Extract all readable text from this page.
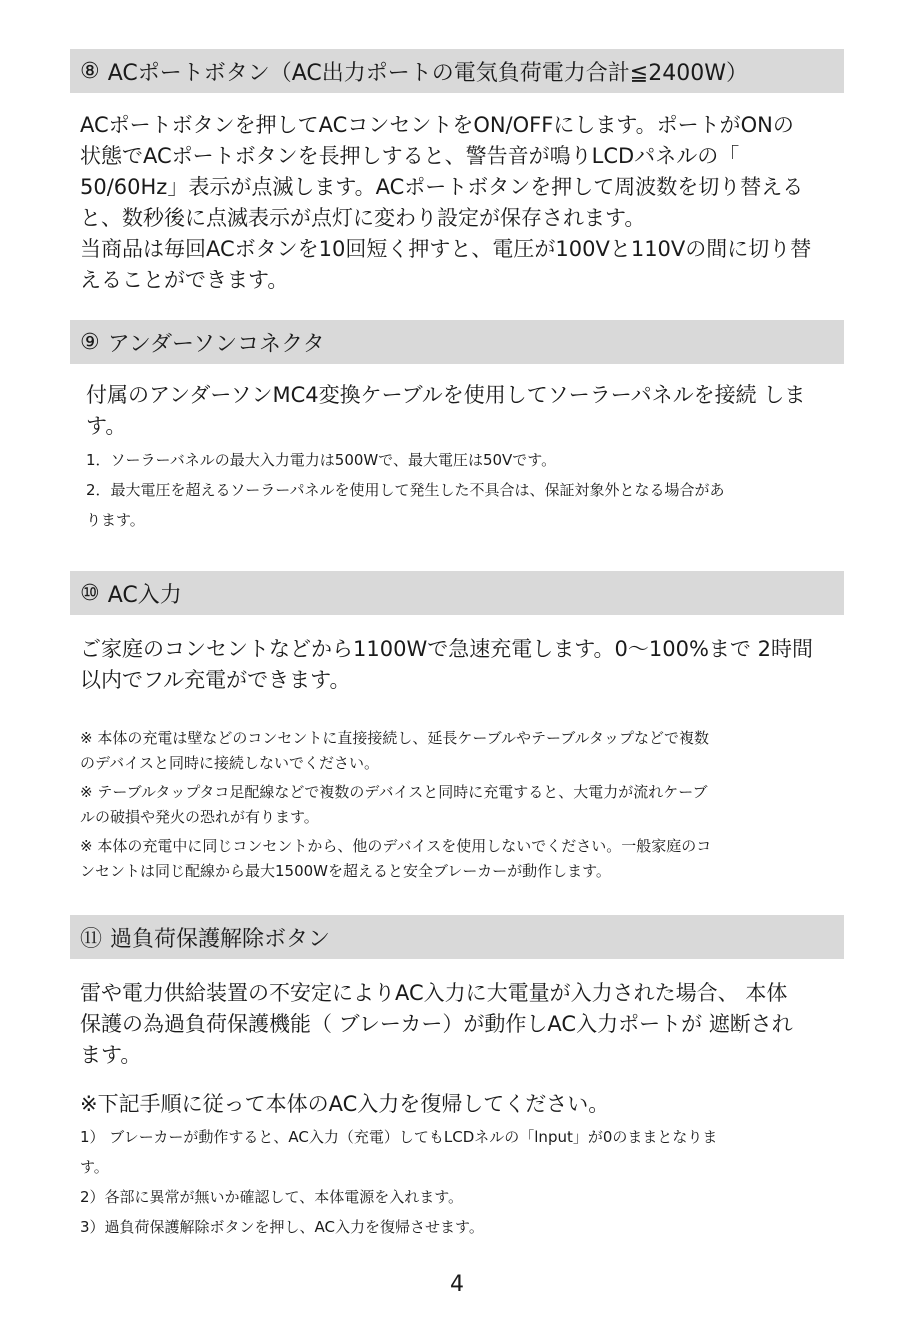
⑧ ACポートボタン（AC出力ポートの電気負荷電力合計≦2400W）
ACポートボタンを押してACコンセントをON/OFFにします。ポートがONの
状態でACポートボタンを長押しすると、警告音が鳴りLCDパネルの「
50/60Hz」表示が点滅します。ACポートボタンを押して周波数を切り替える
と、数秒後に点滅表示が点灯に変わり設定が保存されます。
当商品は毎回ACボタンを10回短く押すと、電圧が100Vと110Vの間に切り替
えることができます。
⑨ アンダーソンコネクタ
付属のアンダーソンMC4変換ケーブルを使用してソーラーパネルを接続 しま
す。
1．ソーラーバネルの最大入力電力は500Wで、最大電圧は50Vです。
2．最大電圧を超えるソーラーパネルを使用して発生した不具合は、保証対象外となる場合があ
ります。
⑩ AC入力
ご家庭のコンセントなどから1100Wで急速充電します。0〜100%まで 2時間
以内でフル充電ができます。
※ 本体の充電は壁などのコンセントに直接接続し、延長ケーブルやテーブルタップなどで複数
のデバイスと同時に接続しないでください。
※ テーブルタップタコ足配線などで複数のデバイスと同時に充電すると、大電力が流れケーブ
ルの破損や発火の恐れが有ります。
※ 本体の充電中に同じコンセントから、他のデバイスを使用しないでください。一般家庭のコ
ンセントは同じ配線から最大1500Wを超えると安全ブレーカーが動作します。
⑪ 過負荷保護解除ボタン
雷や電力供給装置の不安定によりAC入力に大電量が入力された場合、 本体
保護の為過負荷保護機能（ ブレーカー）が動作しAC入力ポートが 遮断され
ます。
※下記手順に従って本体のAC入力を復帰してください。
1） ブレーカーが動作すると、AC入力（充電）してもLCDネルの「lnput」が0のままとなりま
す。
2）各部に異常が無いか確認して、本体電源を入れます。
3）過負荷保護解除ボタンを押し、AC入力を復帰させます。
4
